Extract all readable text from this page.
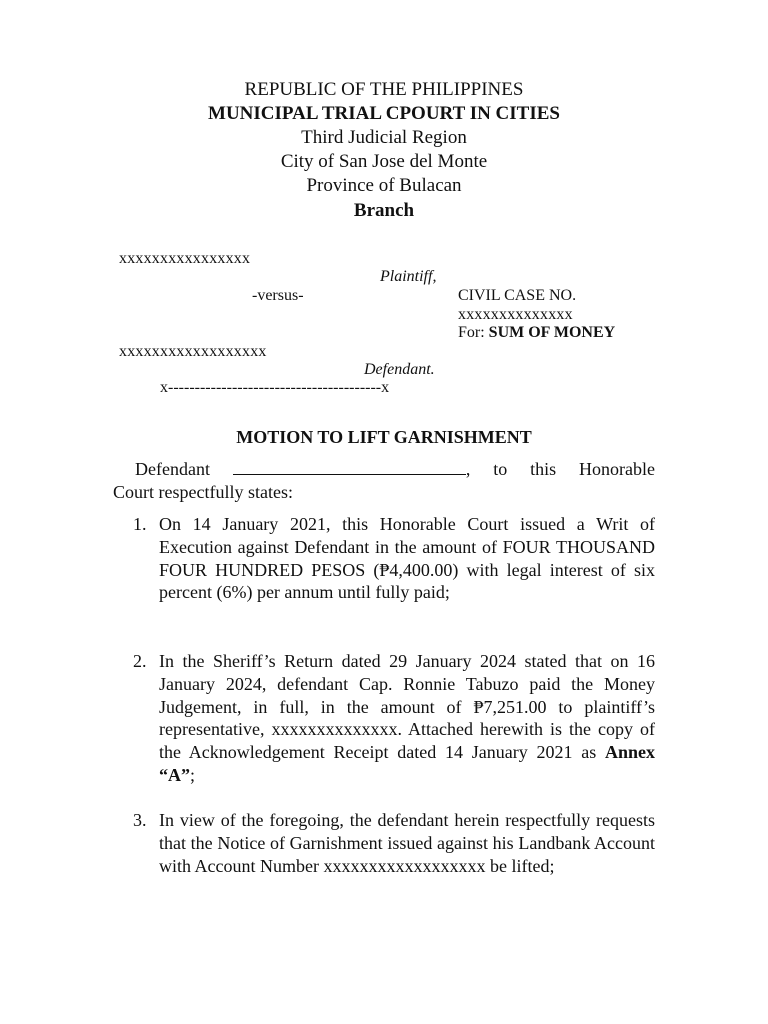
REPUBLIC OF THE PHILIPPINES
MUNICIPAL TRIAL CPOURT IN CITIES
Third Judicial Region
City of San Jose del Monte
Province of Bulacan
Branch
xxxxxxxxxxxxxxxx
Plaintiff,
-versus-	CIVIL CASE NO.
xxxxxxxxxxxxxx
For: SUM OF MONEY
xxxxxxxxxxxxxxxxxx
Defendant.
x----------------------------------------x
MOTION TO LIFT GARNISHMENT
Defendant	, to this Honorable
Court respectfully states:
1. On 14 January 2021, this Honorable Court issued a Writ of Execution against Defendant in the amount of FOUR THOUSAND FOUR HUNDRED PESOS (₱4,400.00) with legal interest of six percent (6%) per annum until fully paid;
2. In the Sheriff’s Return dated 29 January 2024 stated that on 16 January 2024, defendant Cap. Ronnie Tabuzo paid the Money Judgement, in full, in the amount of ₱7,251.00 to plaintiff’s representative, xxxxxxxxxxxxxx. Attached herewith is the copy of the Acknowledgement Receipt dated 14 January 2021 as Annex “A”;
3. In view of the foregoing, the defendant herein respectfully requests that the Notice of Garnishment issued against his Landbank Account with Account Number xxxxxxxxxxxxxxxxxx be lifted;
